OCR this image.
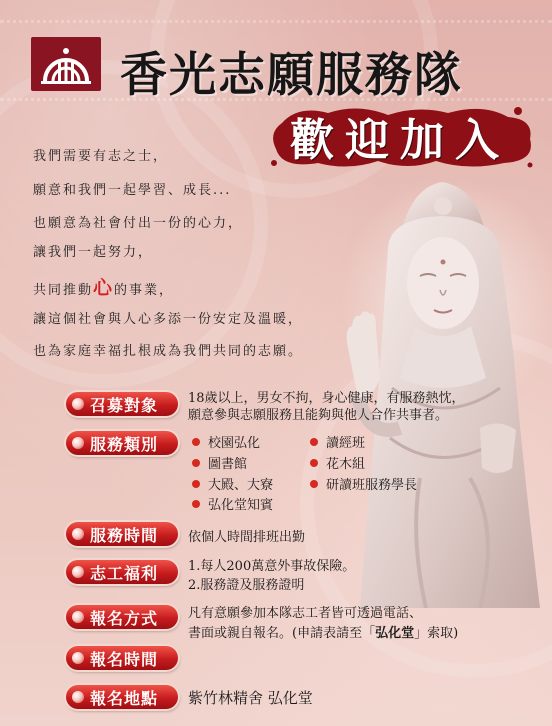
香光志願服務隊
歡迎加入
我們需要有志之士，
願意和我們一起學習、成長...
也願意為社會付出一份的心力，
讓我們一起努力，
共同推動心的事業，
讓這個社會與人心多添一份安定及溫暖，
也為家庭幸福扎根成為我們共同的志願。
召募對象 18歲以上，男女不拘，身心健康，有服務熱忱，
願意參與志願服務且能夠與他人合作共事者。
服務類別	校園弘化
圖書館
大殿、大寮
弘化堂知賓
讀經班
花木組
研讀班服務學長
服務時間 依個人時間排班出勤
志工福利 1.每人200萬意外事故保險。
2.服務證及服務證明
報名方式 凡有意願參加本隊志工者皆可透過電話、
書面或親自報名。(申請表請至「弘化堂」索取)
報名時間
報名地點 紫竹林精舍 弘化堂
